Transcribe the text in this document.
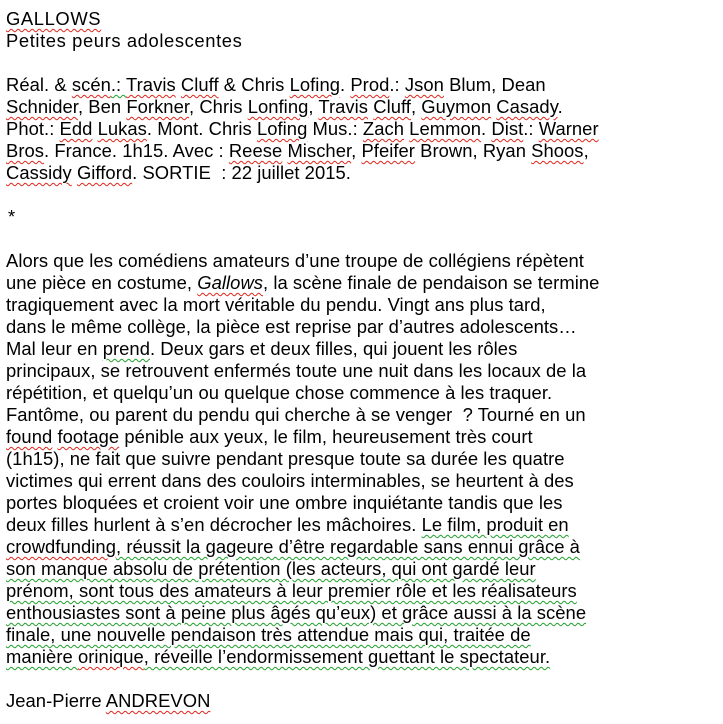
GALLOWS
Petites peurs adolescentes
Réal. & scén.: Travis Cluff & Chris Lofing. Prod.: Json Blum, Dean
Schnider, Ben Forkner, Chris Lonfing, Travis Cluff, Guymon Casady.
Phot.: Edd Lukas. Mont. Chris Lofing Mus.: Zach Lemmon. Dist.: Warner
Bros. France. 1h15. Avec : Reese Mischer, Pfeifer Brown, Ryan Shoos,
Cassidy Gifford. SORTIE  : 22 juillet 2015.
*
Alors que les comédiens amateurs d’une troupe de collégiens répètent
une pièce en costume, Gallows, la scène finale de pendaison se termine
tragiquement avec la mort véritable du pendu. Vingt ans plus tard,
dans le même collège, la pièce est reprise par d’autres adolescents…
Mal leur en prend. Deux gars et deux filles, qui jouent les rôles
principaux, se retrouvent enfermés toute une nuit dans les locaux de la
répétition, et quelqu’un ou quelque chose commence à les traquer.
Fantôme, ou parent du pendu qui cherche à se venger  ? Tourné en un
found footage pénible aux yeux, le film, heureusement très court
(1h15), ne fait que suivre pendant presque toute sa durée les quatre
victimes qui errent dans des couloirs interminables, se heurtent à des
portes bloquées et croient voir une ombre inquiétante tandis que les
deux filles hurlent à s’en décrocher les mâchoires. Le film, produit en
crowdfunding, réussit la gageure d’être regardable sans ennui grâce à
son manque absolu de prétention (les acteurs, qui ont gardé leur
prénom, sont tous des amateurs à leur premier rôle et les réalisateurs
enthousiastes sont à peine plus âgés qu’eux) et grâce aussi à la scène
finale, une nouvelle pendaison très attendue mais qui, traitée de
manière orinique, réveille l’endormissement guettant le spectateur.
Jean-Pierre ANDREVON
